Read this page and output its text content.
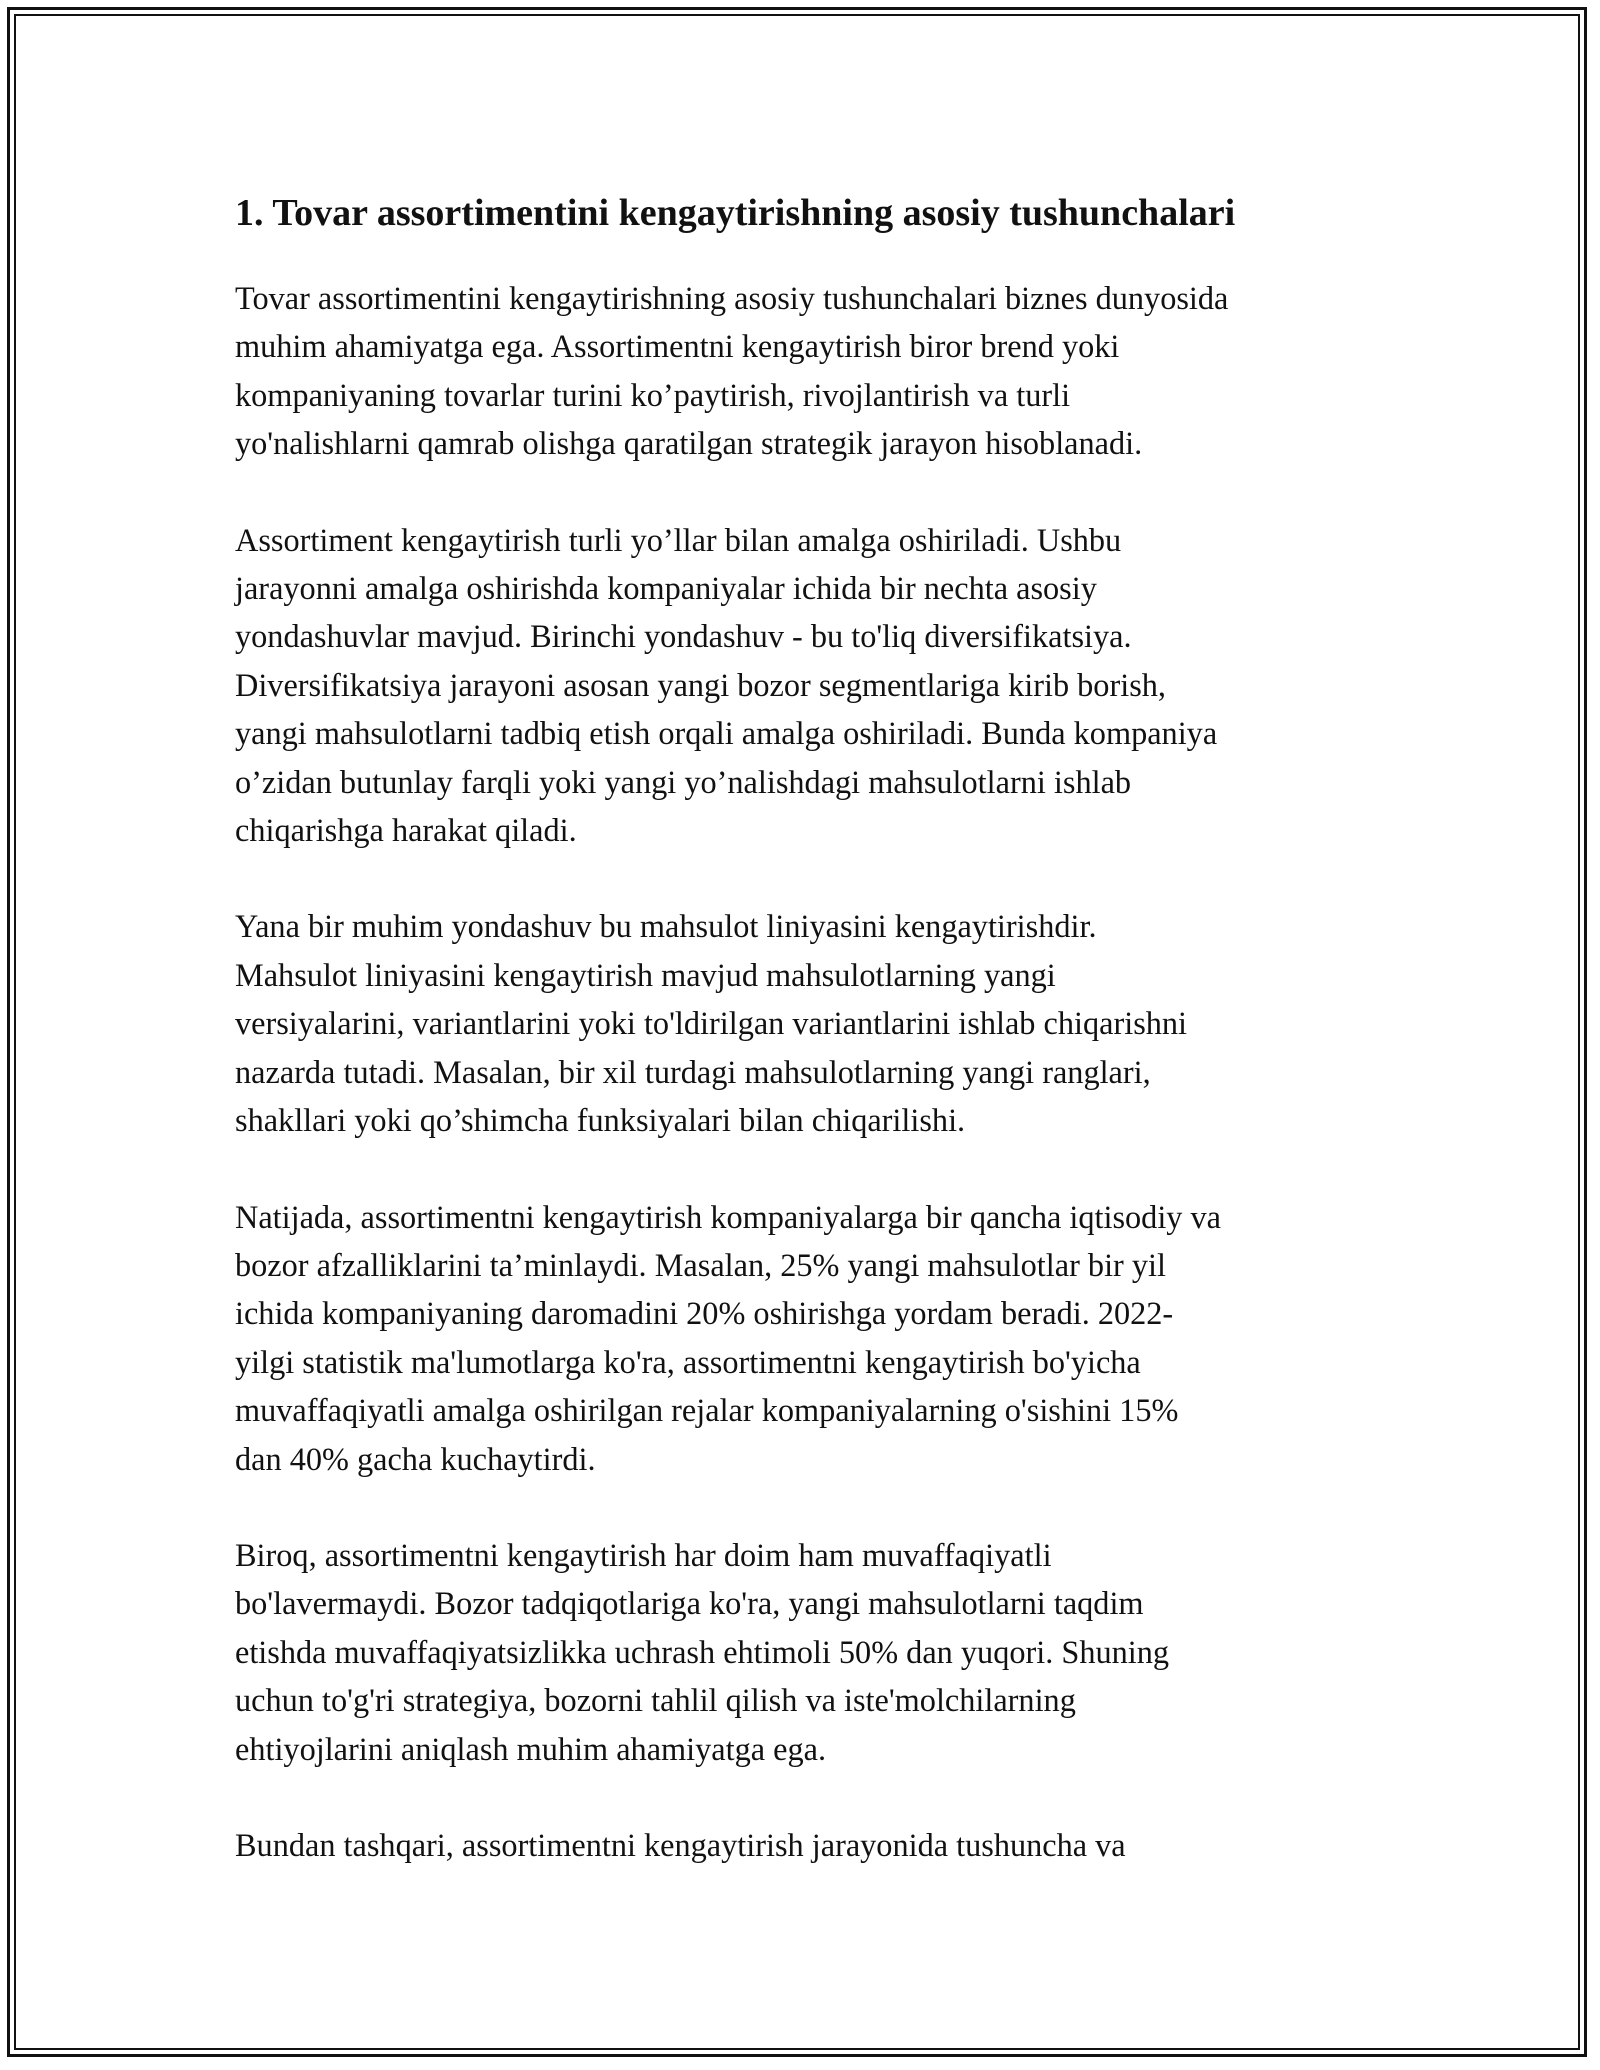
1. Tovar assortimentini kengaytirishning asosiy tushunchalari

Tovar assortimentini kengaytirishning asosiy tushunchalari biznes dunyosida
muhim ahamiyatga ega. Assortimentni kengaytirish biror brend yoki
kompaniyaning tovarlar turini ko’paytirish, rivojlantirish va turli
yo'nalishlarni qamrab olishga qaratilgan strategik jarayon hisoblanadi.

Assortiment kengaytirish turli yo’llar bilan amalga oshiriladi. Ushbu
jarayonni amalga oshirishda kompaniyalar ichida bir nechta asosiy
yondashuvlar mavjud. Birinchi yondashuv - bu to'liq diversifikatsiya.
Diversifikatsiya jarayoni asosan yangi bozor segmentlariga kirib borish,
yangi mahsulotlarni tadbiq etish orqali amalga oshiriladi. Bunda kompaniya
o’zidan butunlay farqli yoki yangi yo’nalishdagi mahsulotlarni ishlab
chiqarishga harakat qiladi.

Yana bir muhim yondashuv bu mahsulot liniyasini kengaytirishdir.
Mahsulot liniyasini kengaytirish mavjud mahsulotlarning yangi
versiyalarini, variantlarini yoki to'ldirilgan variantlarini ishlab chiqarishni
nazarda tutadi. Masalan, bir xil turdagi mahsulotlarning yangi ranglari,
shakllari yoki qo’shimcha funksiyalari bilan chiqarilishi.

Natijada, assortimentni kengaytirish kompaniyalarga bir qancha iqtisodiy va
bozor afzalliklarini ta’minlaydi. Masalan, 25% yangi mahsulotlar bir yil
ichida kompaniyaning daromadini 20% oshirishga yordam beradi. 2022-
yilgi statistik ma'lumotlarga ko'ra, assortimentni kengaytirish bo'yicha
muvaffaqiyatli amalga oshirilgan rejalar kompaniyalarning o'sishini 15%
dan 40% gacha kuchaytirdi.

Biroq, assortimentni kengaytirish har doim ham muvaffaqiyatli
bo'lavermaydi. Bozor tadqiqotlariga ko'ra, yangi mahsulotlarni taqdim
etishda muvaffaqiyatsizlikka uchrash ehtimoli 50% dan yuqori. Shuning
uchun to'g'ri strategiya, bozorni tahlil qilish va iste'molchilarning
ehtiyojlarini aniqlash muhim ahamiyatga ega.

Bundan tashqari, assortimentni kengaytirish jarayonida tushuncha va
